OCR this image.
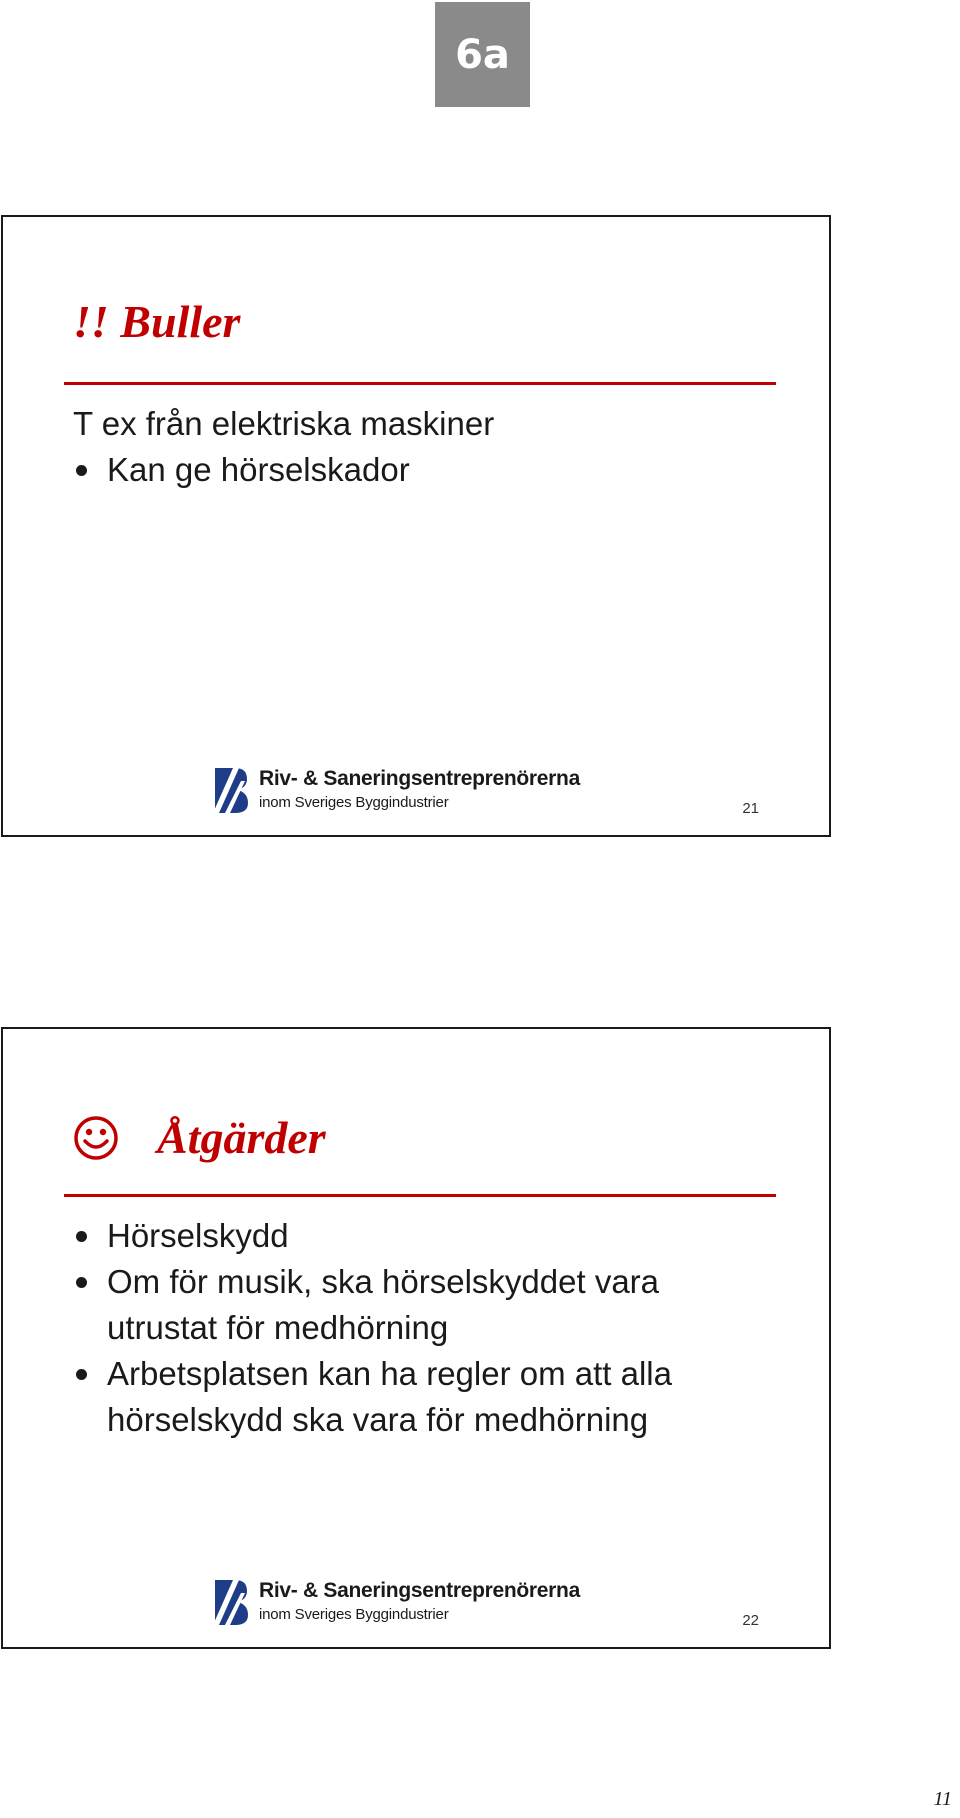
6a
!! Buller
T ex från elektriska maskiner
Kan ge hörselskador
Riv- & Saneringsentreprenörerna
inom Sveriges Byggindustrier	21
Åtgärder
Hörselskydd
Om för musik, ska hörselskyddet vara utrustat för medhörning
Arbetsplatsen kan ha regler om att alla hörselskydd ska vara för medhörning
Riv- & Saneringsentreprenörerna
inom Sveriges Byggindustrier	22
11
